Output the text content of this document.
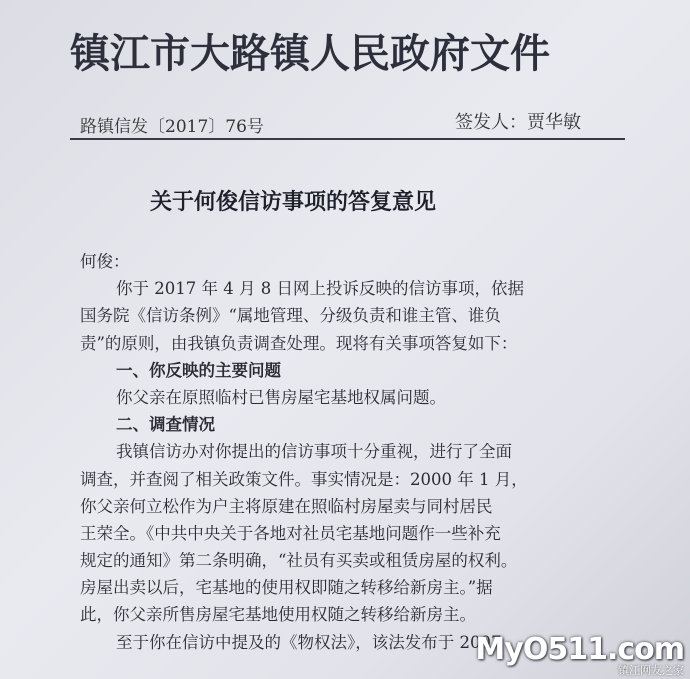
镇江市大路镇人民政府文件
路镇信发〔2017〕76号	签发人：贾华敏
关于何俊信访事项的答复意见
何俊：
你于 2017 年 4 月 8 日网上投诉反映的信访事项，依据
国务院《信访条例》“属地管理、分级负责和谁主管、谁负
责”的原则，由我镇负责调查处理。现将有关事项答复如下：
一、你反映的主要问题
你父亲在原照临村已售房屋宅基地权属问题。
二、调查情况
我镇信访办对你提出的信访事项十分重视，进行了全面
调查，并查阅了相关政策文件。事实情况是：2000 年 1 月，
你父亲何立松作为户主将原建在照临村房屋卖与同村居民
王荣全。《中共中央关于各地对社员宅基地问题作一些补充
规定的通知》第二条明确，“社员有买卖或租赁房屋的权利。
房屋出卖以后，宅基地的使用权即随之转移给新房主。”据
此，你父亲所售房屋宅基地使用权随之转移给新房主。
至于你在信访中提及的《物权法》，该法发布于 2007
MyO511.com
镇江网友之家
